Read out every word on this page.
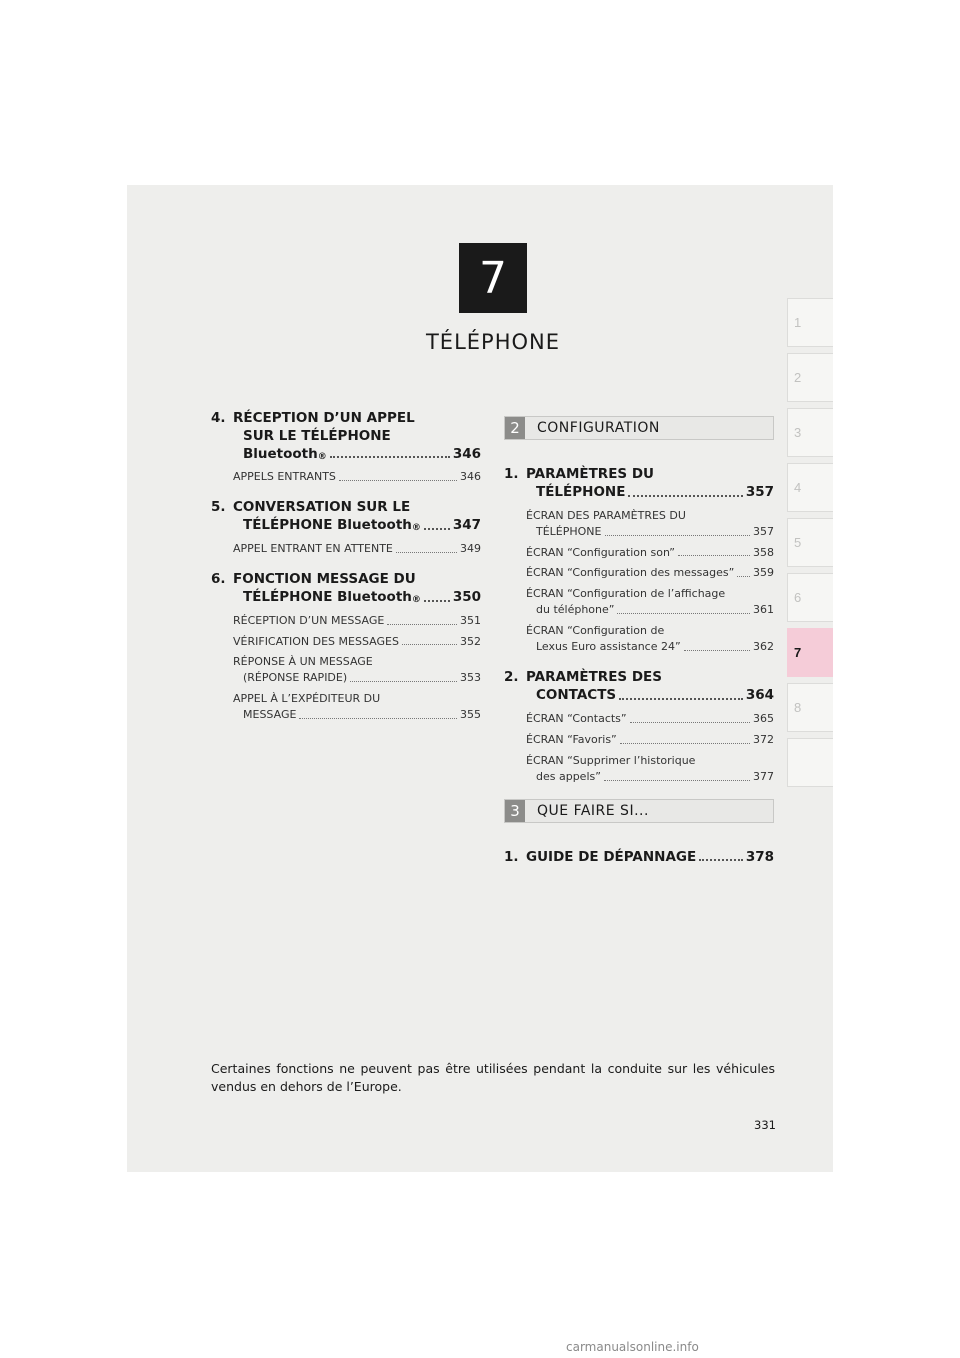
7
TÉLÉPHONE
1
2
3
4
5
6
7
8
4. RÉCEPTION D’UN APPEL
SUR LE TÉLÉPHONE
Bluetooth$_®$	346
APPELS ENTRANTS	346
5. CONVERSATION SUR LE
TÉLÉPHONE Bluetooth$_®$ 347
APPEL ENTRANT EN ATTENTE	349
6. FONCTION MESSAGE DU
TÉLÉPHONE Bluetooth$_®$ 350
RÉCEPTION D’UN MESSAGE	351
VÉRIFICATION DES MESSAGES	352
RÉPONSE À UN MESSAGE
(RÉPONSE RAPIDE)	353
APPEL À L’EXPÉDITEUR DU
MESSAGE	355
2	CONFIGURATION
1. PARAMÈTRES DU
TÉLÉPHONE	357
ÉCRAN DES PARAMÈTRES DU
TÉLÉPHONE	357
ÉCRAN “Configuration son”	358
ÉCRAN “Configuration des messages” 359
ÉCRAN “Configuration de l’affichage
du téléphone”	361
ÉCRAN “Configuration de
Lexus Euro assistance 24”	362
2. PARAMÈTRES DES
CONTACTS	364
ÉCRAN “Contacts”	365
ÉCRAN “Favoris”	372
ÉCRAN “Supprimer l’historique
des appels”	377
3	QUE FAIRE SI...
1. GUIDE DE DÉPANNAGE	378
Certaines fonctions ne peuvent pas être utilisées pendant la conduite sur les véhicules vendus en dehors de l’Europe.
331
carmanualsonline.info
